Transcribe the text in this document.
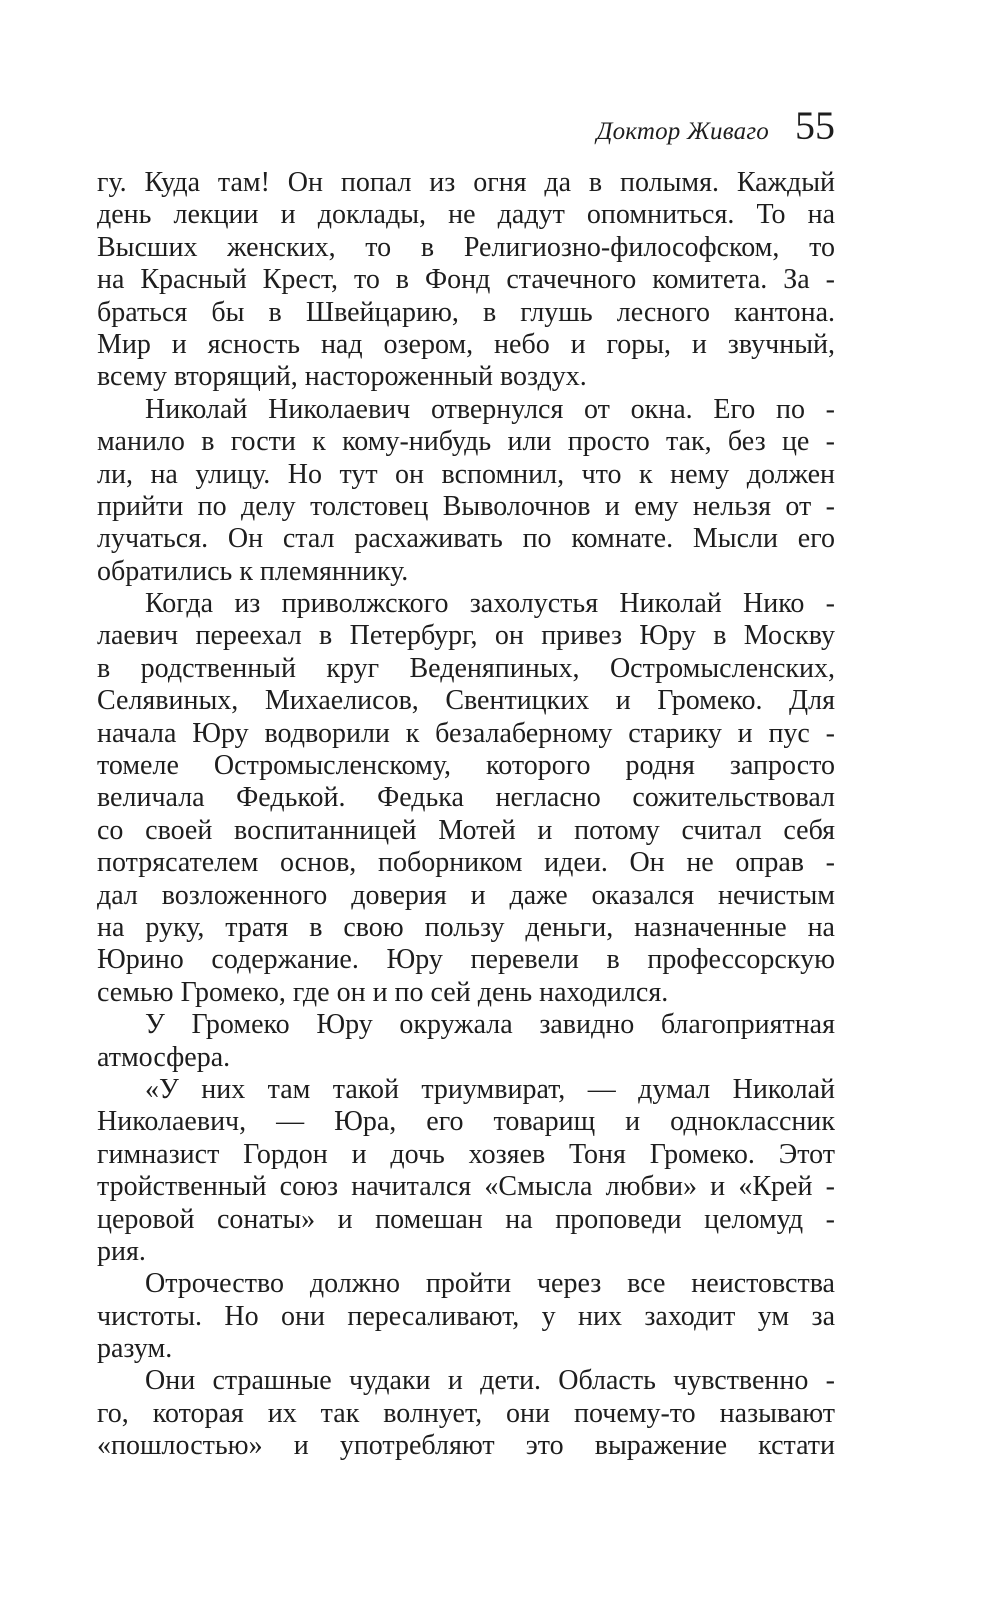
Доктор Живаго 55
гу. Куда там! Он попал из огня да в полымя. Каждый
день лекции и доклады, не дадут опомниться. То на
Высших женских, то в Религиозно-философском, то
на Красный Крест, то в Фонд стачечного комитета. За -
браться бы в Швейцарию, в глушь лесного кантона.
Мир и ясность над озером, небо и горы, и звучный,
всему вторящий, настороженный воздух.
Николай Николаевич отвернулся от окна. Его по -
манило в гости к кому-нибудь или просто так, без це -
ли, на улицу. Но тут он вспомнил, что к нему должен
прийти по делу толстовец Выволочнов и ему нельзя от -
лучаться. Он стал расхаживать по комнате. Мысли его
обратились к племяннику.
Когда из приволжского захолустья Николай Нико -
лаевич переехал в Петербург, он привез Юру в Москву
в родственный круг Веденяпиных, Остромысленских,
Селявиных, Михаелисов, Свентицких и Громеко. Для
начала Юру водворили к безалаберному старику и пус -
томеле Остромысленскому, которого родня запросто
величала Федькой. Федька негласно сожительствовал
со своей воспитанницей Мотей и потому считал себя
потрясателем основ, поборником идеи. Он не оправ -
дал возложенного доверия и даже оказался нечистым
на руку, тратя в свою пользу деньги, назначенные на
Юрино содержание. Юру перевели в профессорскую
семью Громеко, где он и по сей день находился.
У Громеко Юру окружала завидно благоприятная
атмосфера.
«У них там такой триумвират, — думал Николай
Николаевич, — Юра, его товарищ и одноклассник
гимназист Гордон и дочь хозяев Тоня Громеко. Этот
тройственный союз начитался «Смысла любви» и «Крей -
церовой сонаты» и помешан на проповеди целомуд -
рия.
Отрочество должно пройти через все неистовства
чистоты. Но они пересаливают, у них заходит ум за
разум.
Они страшные чудаки и дети. Область чувственно -
го, которая их так волнует, они почему-то называют
«пошлостью» и употребляют это выражение кстати
